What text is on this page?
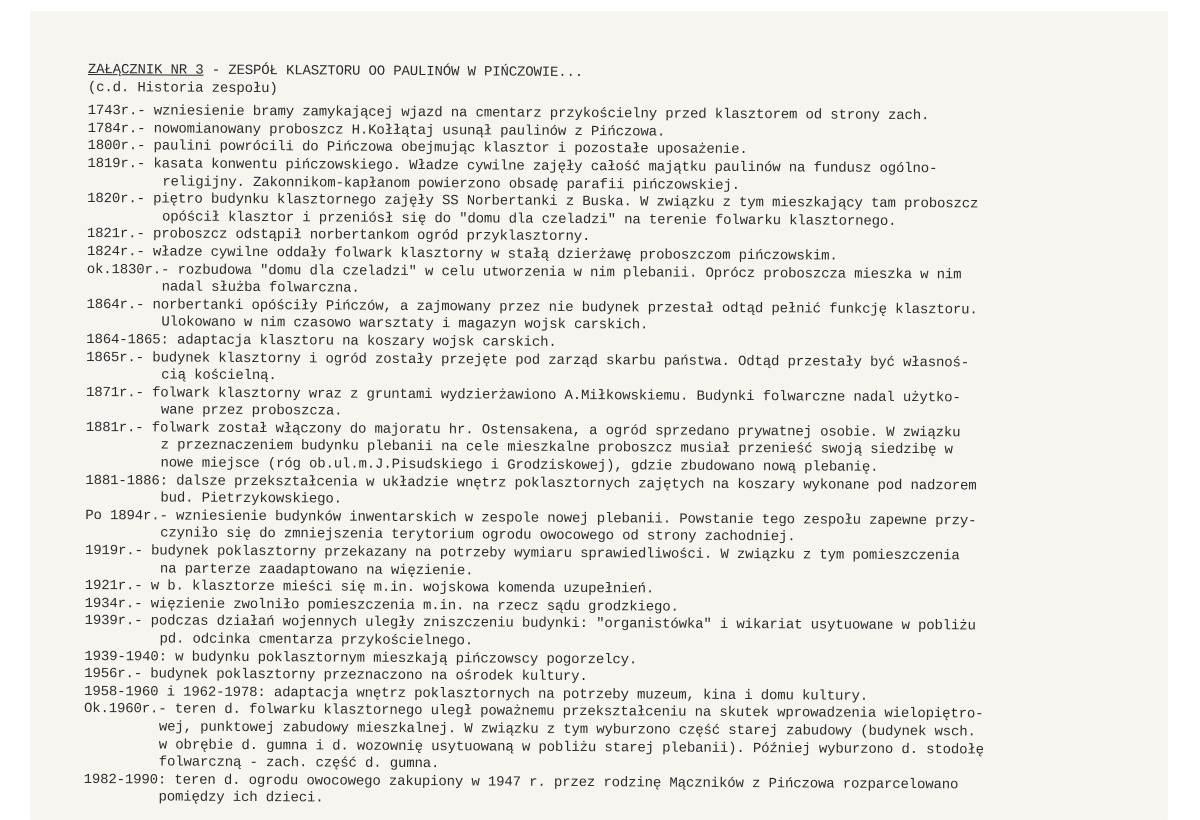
ZAŁĄCZNIK NR 3 - ZESPÓŁ KLASZTORU OO PAULINÓW W PIŃCZOWIE...
(c.d. Historia zespołu)
1743r.- wzniesienie bramy zamykającej wjazd na cmentarz przykościelny przed klasztorem od strony zach.
1784r.- nowomianowany proboszcz H.Kołłątaj usunął paulinów z Pińczowa.
1800r.- paulini powrócili do Pińczowa obejmując klasztor i pozostałe uposażenie.
1819r.- kasata konwentu pińczowskiego. Władze cywilne zajęły całość majątku paulinów na fundusz ogólno-
religijny. Zakonnikom-kapłanom powierzono obsadę parafii pińczowskiej.
1820r.- piętro budynku klasztornego zajęły SS Norbertanki z Buska. W związku z tym mieszkający tam proboszcz
opóścił klasztor i przeniósł się do "domu dla czeladzi" na terenie folwarku klasztornego.
1821r.- proboszcz odstąpił norbertankom ogród przyklasztorny.
1824r.- władze cywilne oddały folwark klasztorny w stałą dzierżawę proboszczom pińczowskim.
ok.1830r.- rozbudowa "domu dla czeladzi" w celu utworzenia w nim plebanii. Oprócz proboszcza mieszka w nim
nadal służba folwarczna.
1864r.- norbertanki opóściły Pińczów, a zajmowany przez nie budynek przestał odtąd pełnić funkcję klasztoru.
Ulokowano w nim czasowo warsztaty i magazyn wojsk carskich.
1864-1865: adaptacja klasztoru na koszary wojsk carskich.
1865r.- budynek klasztorny i ogród zostały przejęte pod zarząd skarbu państwa. Odtąd przestały być własnoś-
cią kościelną.
1871r.- folwark klasztorny wraz z gruntami wydzierżawiono A.Miłkowskiemu. Budynki folwarczne nadal użytko-
wane przez proboszcza.
1881r.- folwark został włączony do majoratu hr. Ostensakena, a ogród sprzedano prywatnej osobie. W związku
z przeznaczeniem budynku plebanii na cele mieszkalne proboszcz musiał przenieść swoją siedzibę w
nowe miejsce (róg ob.ul.m.J.Pisudskiego i Grodziskowej), gdzie zbudowano nową plebanię.
1881-1886: dalsze przekształcenia w układzie wnętrz poklasztornych zajętych na koszary wykonane pod nadzorem
bud. Pietrzykowskiego.
Po 1894r.- wzniesienie budynków inwentarskich w zespole nowej plebanii. Powstanie tego zespołu zapewne przy-
czyniło się do zmniejszenia terytorium ogrodu owocowego od strony zachodniej.
1919r.- budynek poklasztorny przekazany na potrzeby wymiaru sprawiedliwości. W związku z tym pomieszczenia
na parterze zaadaptowano na więzienie.
1921r.- w b. klasztorze mieści się m.in. wojskowa komenda uzupełnień.
1934r.- więzienie zwolniło pomieszczenia m.in. na rzecz sądu grodzkiego.
1939r.- podczas działań wojennych uległy zniszczeniu budynki: "organistówka" i wikariat usytuowane w pobliżu
pd. odcinka cmentarza przykościelnego.
1939-1940: w budynku poklasztornym mieszkają pińczowscy pogorzelcy.
1956r.- budynek poklasztorny przeznaczono na ośrodek kultury.
1958-1960 i 1962-1978: adaptacja wnętrz poklasztornych na potrzeby muzeum, kina i domu kultury.
Ok.1960r.- teren d. folwarku klasztornego uległ poważnemu przekształceniu na skutek wprowadzenia wielopiętro-
wej, punktowej zabudowy mieszkalnej. W związku z tym wyburzono część starej zabudowy (budynek wsch.
w obrębie d. gumna i d. wozownię usytuowaną w pobliżu starej plebanii). Później wyburzono d. stodołę
folwarczną - zach. część d. gumna.
1982-1990: teren d. ogrodu owocowego zakupiony w 1947 r. przez rodzinę Mączników z Pińczowa rozparcelowano
pomiędzy ich dzieci.
